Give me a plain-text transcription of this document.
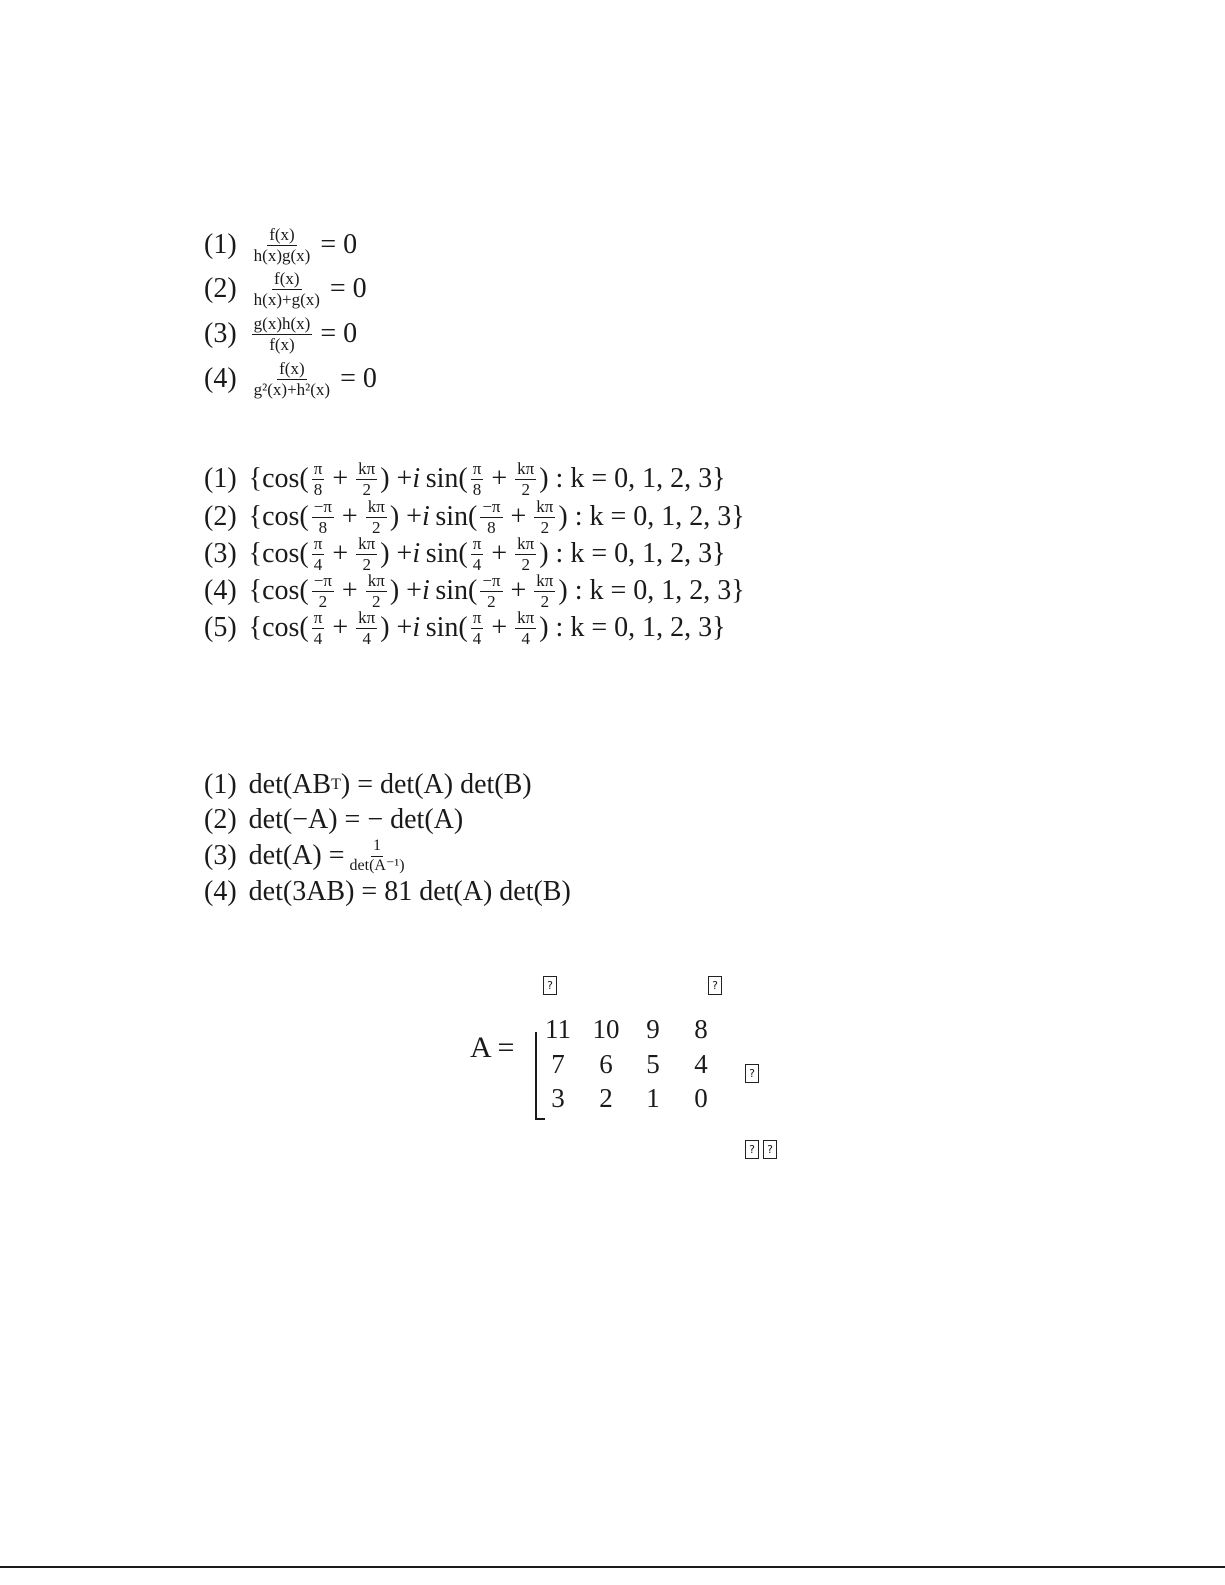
$(1) \frac{f(x)}{h(x)g(x)} = 0$
$(2) \frac{f(x)}{h(x)+g(x)} = 0$
$(3) \frac{g(x)h(x)}{f(x)} = 0$
$(4) \frac{f(x)}{\text{g²(x)+h²(x)}} = 0$
(1) {$\cos( \frac{\pi}{8} + \frac{k\pi}{2}$ ) + i
  $\sin( \frac{\pi}{8} + \frac{k\pi}{2}$ ) : k = 0, 1, 2, 3}
(2) {$\cos( \frac{-\pi}{8} + \frac{k\pi}{2}$ ) + i
  $\sin( \frac{-\pi}{8} + \frac{k\pi}{2}$ ) : k = 0, 1, 2, 3}
(3) {$\cos( \frac{\pi}{4} + \frac{k\pi}{2}$ ) + i
  $\sin( \frac{\pi}{4} + \frac{k\pi}{2}$ ) : k = 0, 1, 2, 3}
(4) {$\cos( \frac{-\pi}{2} + \frac{k\pi}{2}$ ) + i
  $\sin( \frac{-\pi}{2} + \frac{k\pi}{2}$ ) : k = 0, 1, 2, 3}
(5) {$\cos( \frac{\pi}{4} + \frac{k\pi}{4}$ ) + i
  $\sin( \frac{\pi}{4} + \frac{k\pi}{4}$ ) : k = 0, 1, 2, 3}
(1) det(AB T ) = det(A) det(B)
(2) det(−A) = − det(A)
(3) $\det(A) = \frac{1}{\text{det(A⁻¹)}}$
(4) det(3AB) = 81 det(A) det(B)
?	?
?
?	?
A =
11 10 9	8
7	6	5	4
3	2	1	0
